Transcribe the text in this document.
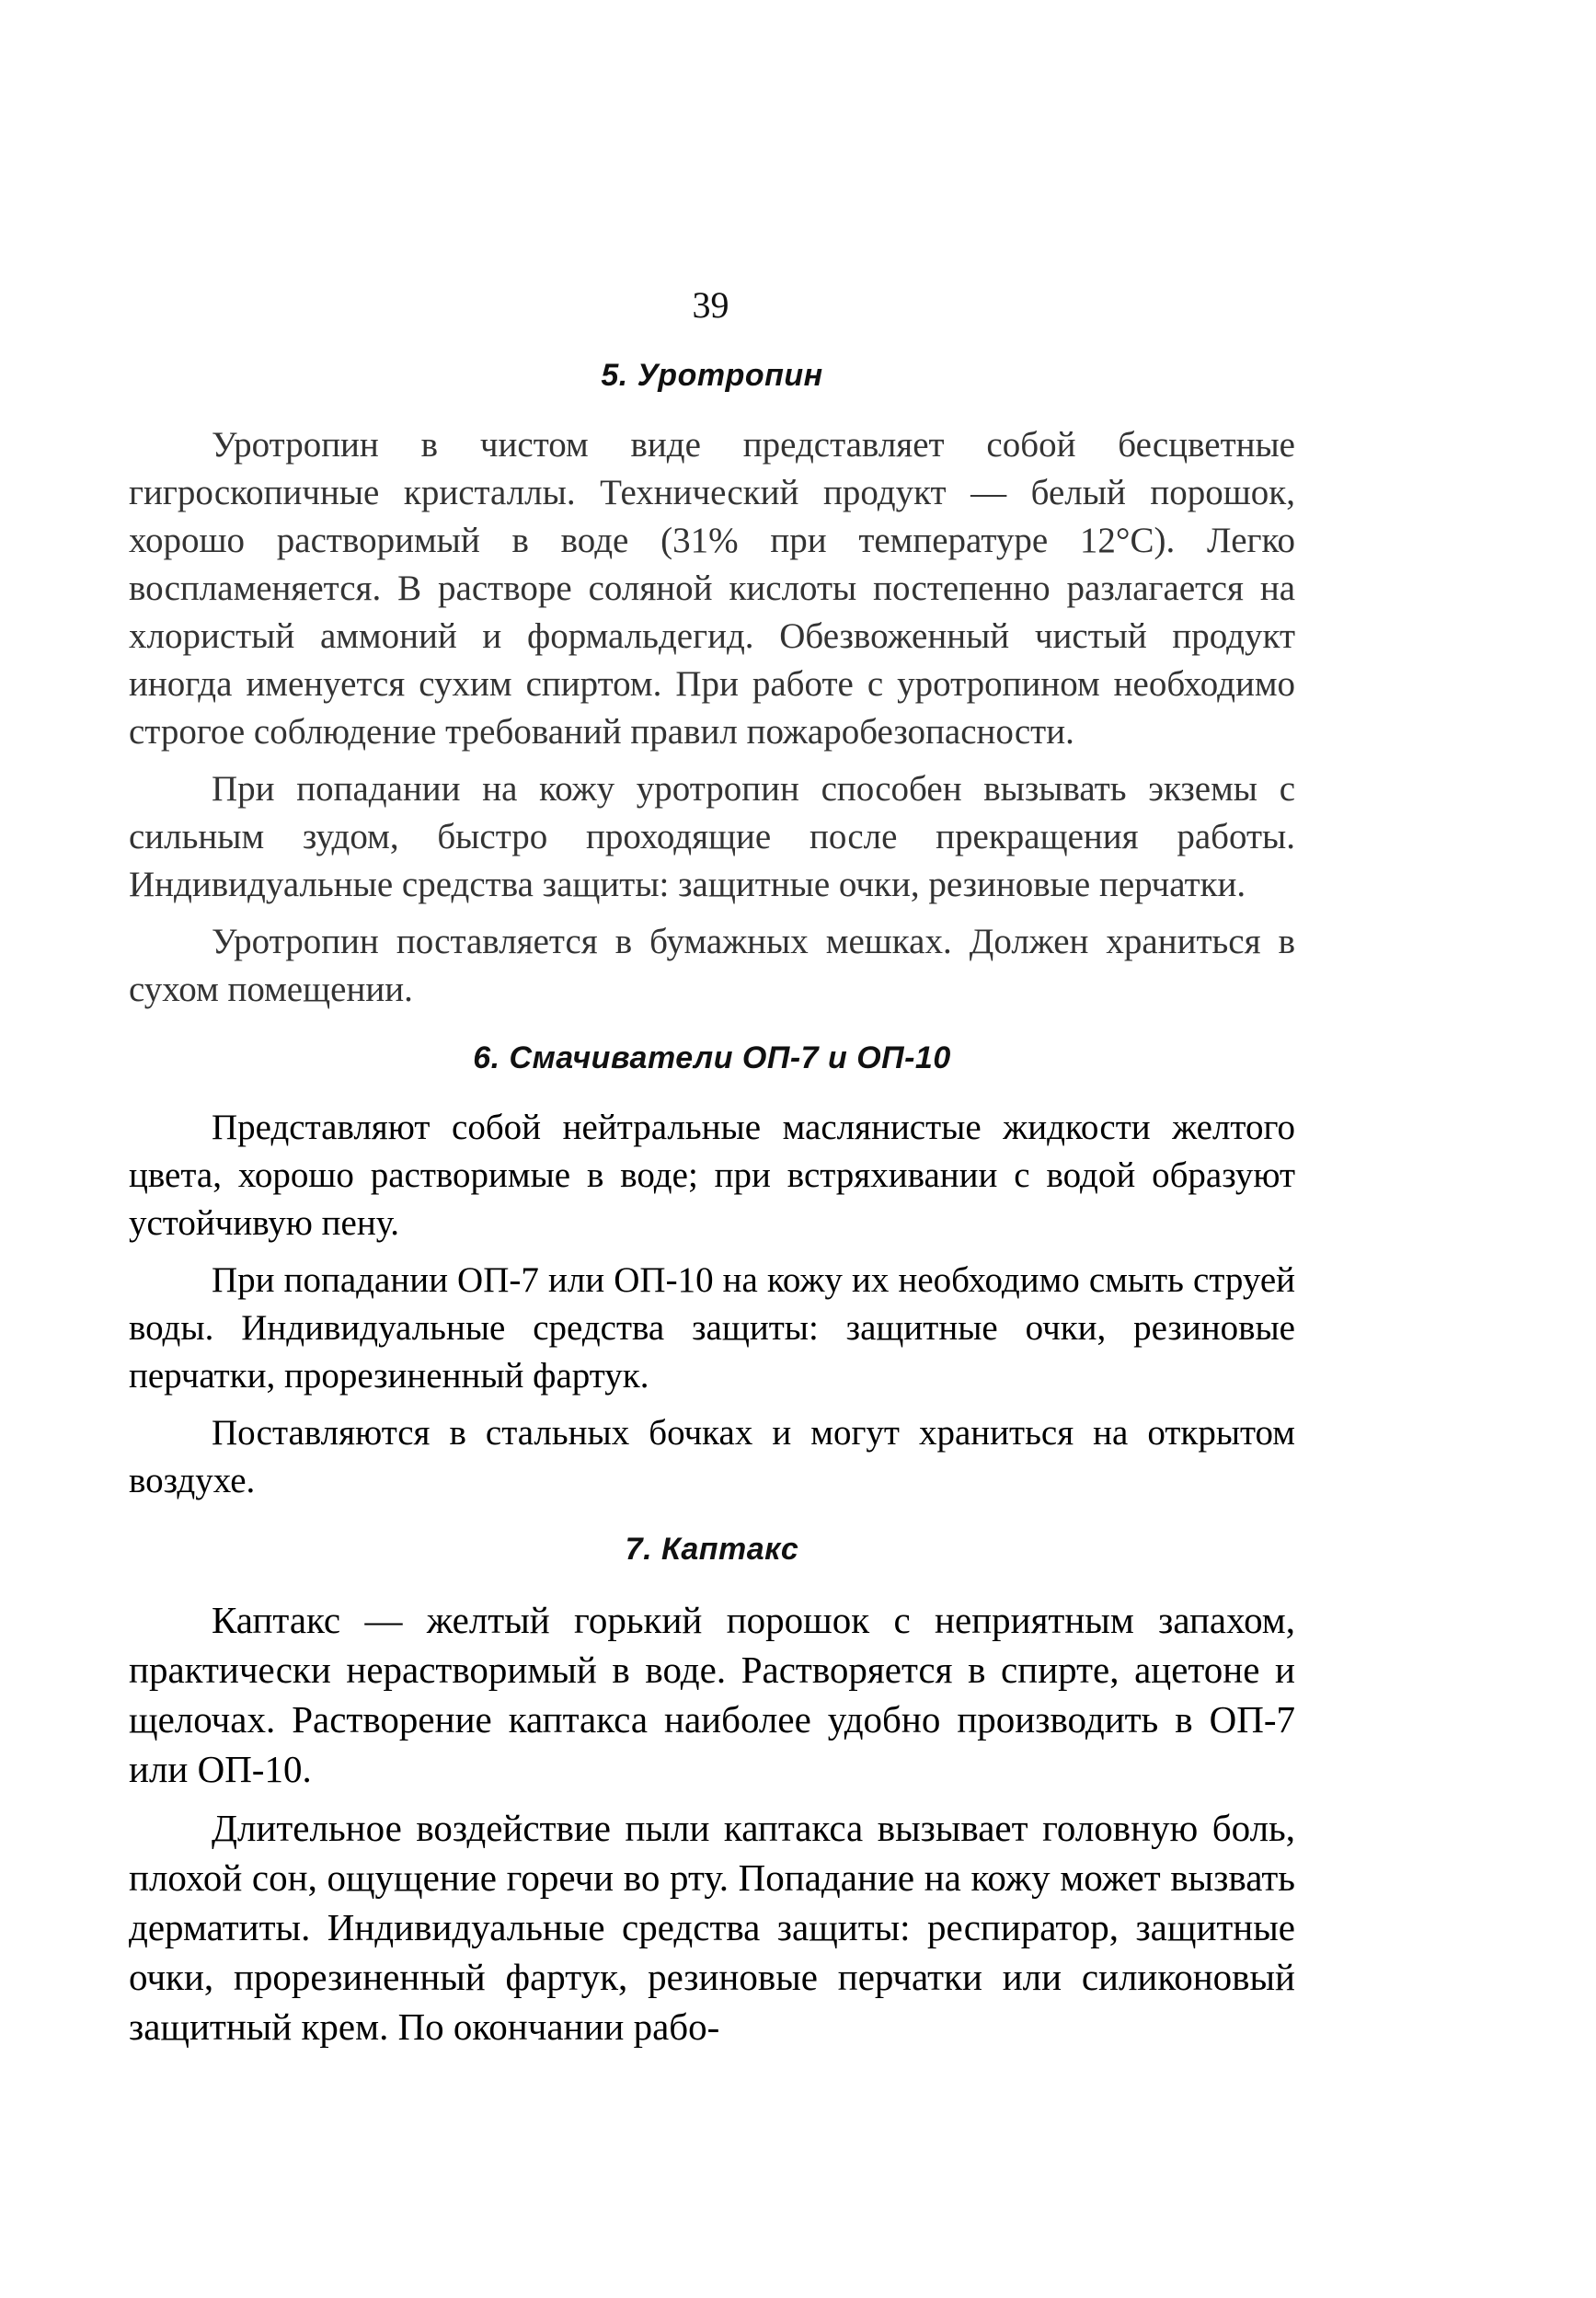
39
5. Уротропин

Уротропин в чистом виде представляет собой бесцветные гигроскопичные кристаллы. Технический продукт — белый порошок, хорошо растворимый в воде (31% при температуре 12°С). Легко воспламеняется. В растворе соляной кислоты постепенно разлагается на хлористый аммоний и формальдегид. Обезвоженный чистый продукт иногда именуется сухим спиртом. При работе с уротропином необходимо строгое соблюдение требований правил пожаробезопасности.

При попадании на кожу уротропин способен вызывать экземы с сильным зудом, быстро проходящие после прекращения работы. Индивидуальные средства защиты: защитные очки, резиновые перчатки.

Уротропин поставляется в бумажных мешках. Должен храниться в сухом помещении.

6. Смачиватели ОП-7 и ОП-10

Представляют собой нейтральные маслянистые жидкости желтого цвета, хорошо растворимые в воде; при встряхивании с водой образуют устойчивую пену.

При попадании ОП-7 или ОП-10 на кожу их необходимо смыть струей воды. Индивидуальные средства защиты: защитные очки, резиновые перчатки, прорезиненный фартук.

Поставляются в стальных бочках и могут храниться на открытом воздухе.

7. Каптакс

Каптакс — желтый горький порошок с неприятным запахом, практически нерастворимый в воде. Растворяется в спирте, ацетоне и щелочах. Растворение каптакса наиболее удобно производить в ОП-7 или ОП-10.

Длительное воздействие пыли каптакса вызывает головную боль, плохой сон, ощущение горечи во рту. Попадание на кожу может вызвать дерматиты. Индивидуальные средства защиты: респиратор, защитные очки, прорезиненный фартук, резиновые перчатки или силиконовый защитный крем. По окончании рабо-
